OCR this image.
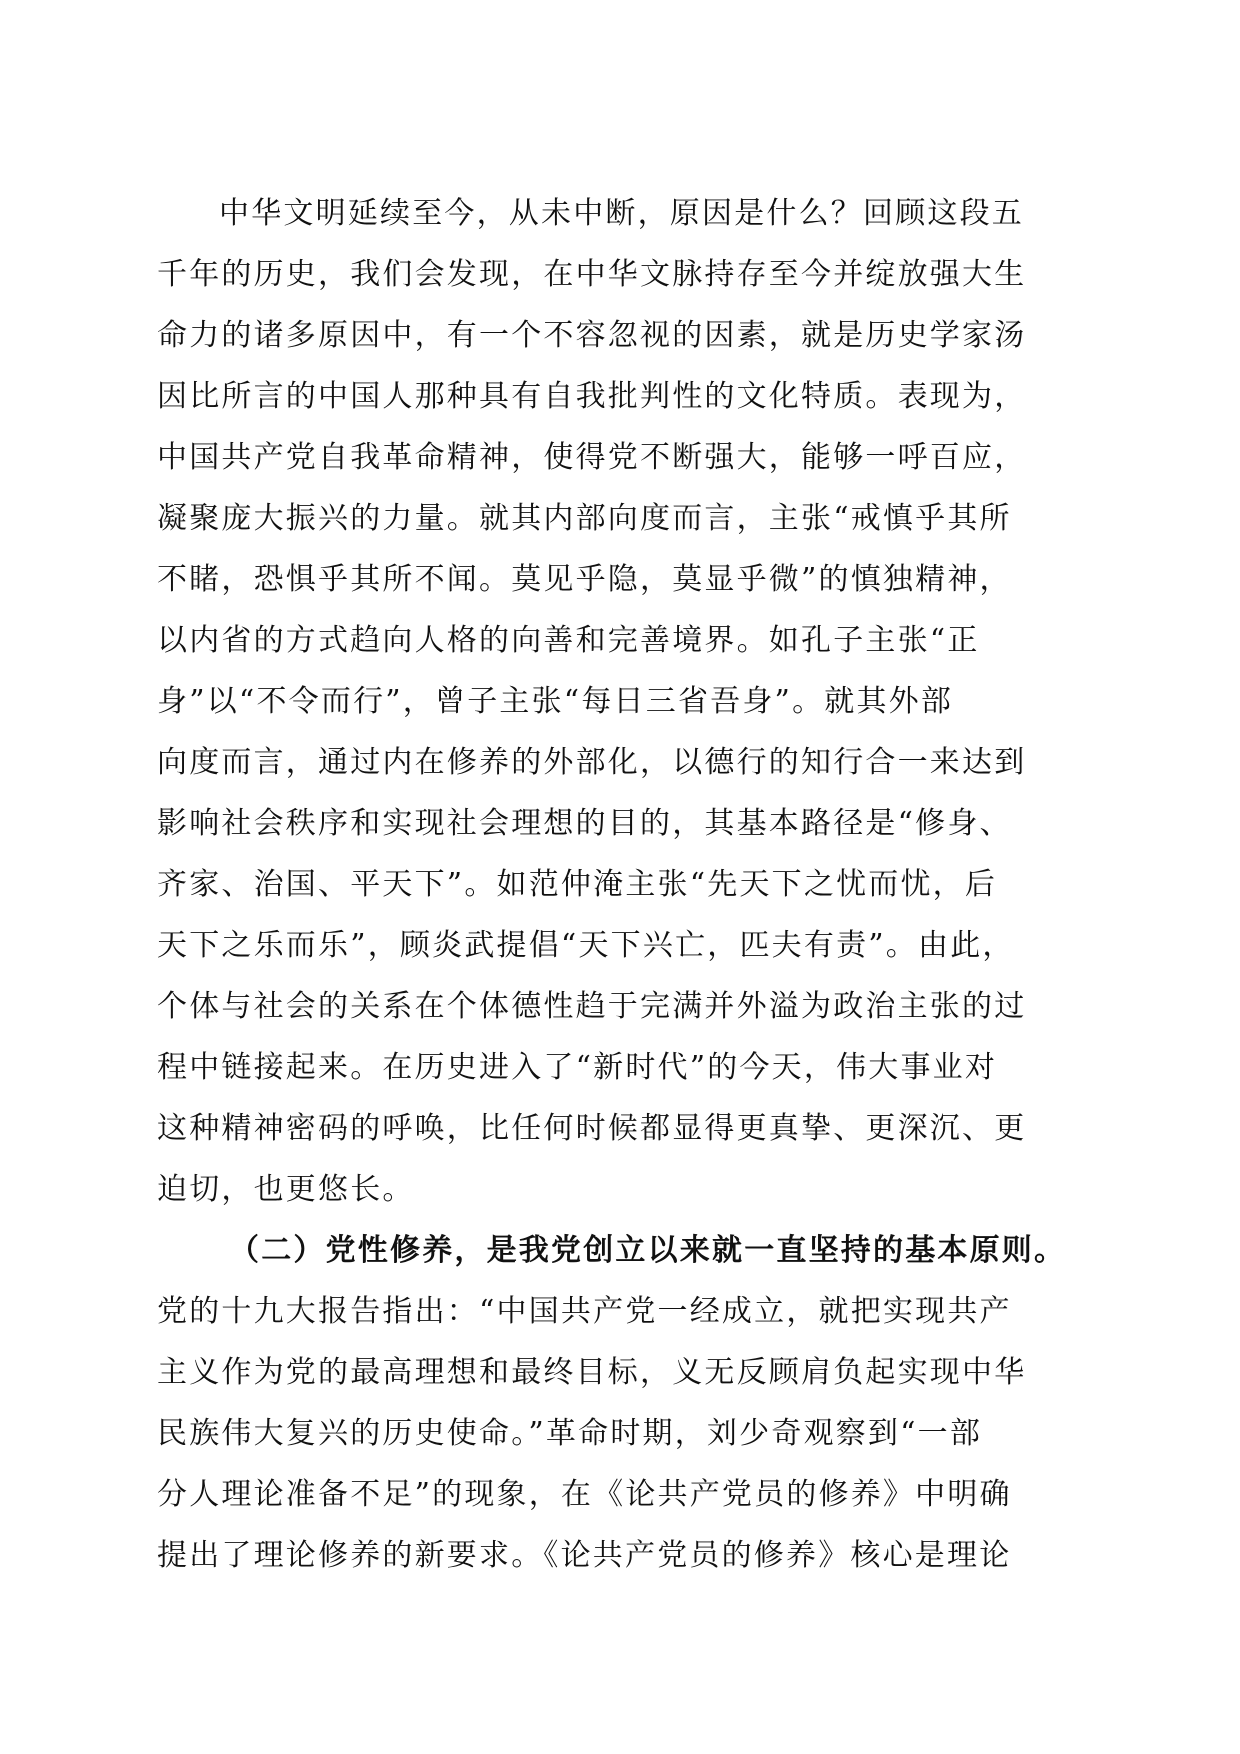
中华文明延续至今，从未中断，原因是什么？回顾这段五
千年的历史，我们会发现，在中华文脉持存至今并绽放强大生
命力的诸多原因中，有一个不容忽视的因素，就是历史学家汤
因比所言的中国人那种具有自我批判性的文化特质。表现为，
中国共产党自我革命精神，使得党不断强大，能够一呼百应，
凝聚庞大振兴的力量。就其内部向度而言，主张“戒慎乎其所
不睹，恐惧乎其所不闻。莫见乎隐，莫显乎微”的慎独精神，
以内省的方式趋向人格的向善和完善境界。如孔子主张“正
身”以“不令而行”，曾子主张“每日三省吾身”。就其外部
向度而言，通过内在修养的外部化，以德行的知行合一来达到
影响社会秩序和实现社会理想的目的，其基本路径是“修身、
齐家、治国、平天下”。如范仲淹主张“先天下之忧而忧，后
天下之乐而乐”，顾炎武提倡“天下兴亡，匹夫有责”。由此，
个体与社会的关系在个体德性趋于完满并外溢为政治主张的过
程中链接起来。在历史进入了“新时代”的今天，伟大事业对
这种精神密码的呼唤，比任何时候都显得更真挚、更深沉、更
迫切，也更悠长。
（二）党性修养，是我党创立以来就一直坚持的基本原则。
党的十九大报告指出：“中国共产党一经成立，就把实现共产
主义作为党的最高理想和最终目标，义无反顾肩负起实现中华
民族伟大复兴的历史使命。”革命时期，刘少奇观察到“一部
分人理论准备不足”的现象，在《论共产党员的修养》中明确
提出了理论修养的新要求。《论共产党员的修养》核心是理论
